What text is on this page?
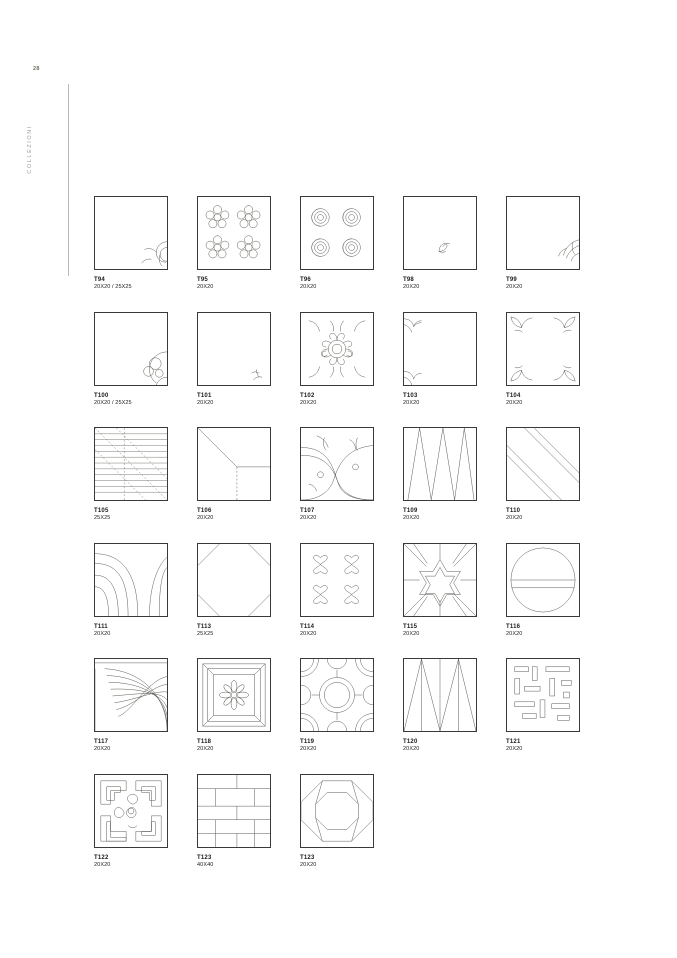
28
COLLEZIONI
T94
20X20 / 25X25
T95
20X20
T96
20X20
T98
20X20
T99
20X20
T100
20X20 / 25X25
T101
20X20
T102
20X20
T103
20X20
T104
20X20
T105
25X25
T106
20X20
T107
20X20
T109
20X20
T110
20X20
T111
20X20
T113
25X25
T114
20X20
T115
20X20
T116
20X20
T117
20X20
T118
20X20
T119
20X20
T120
20X20
T121
20X20
T122
20X20
T123
40X40
T123
20X20
